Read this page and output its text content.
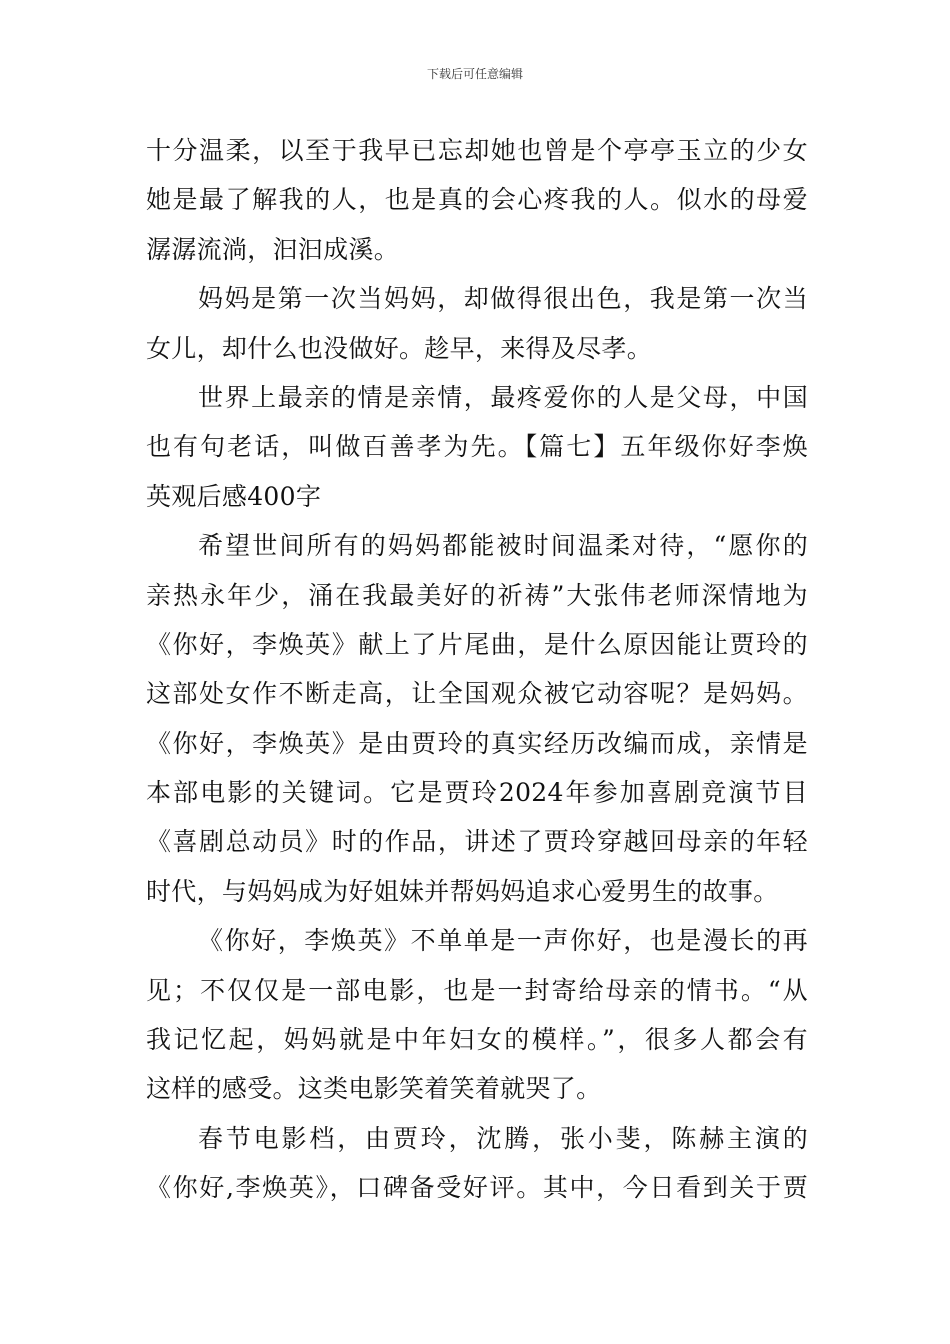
下载后可任意编辑
十分温柔，以至于我早已忘却她也曾是个亭亭玉立的少女
她是最了解我的人，也是真的会心疼我的人。似水的母爱
潺潺流淌，汩汩成溪。
妈妈是第一次当妈妈，却做得很出色，我是第一次当
女儿，却什么也没做好。趁早，来得及尽孝。
世界上最亲的情是亲情，最疼爱你的人是父母，中国
也有句老话，叫做百善孝为先。【篇七】五年级你好李焕
英观后感400字
希望世间所有的妈妈都能被时间温柔对待，“愿你的
亲热永年少，涌在我最美好的祈祷”大张伟老师深情地为
《你好，李焕英》献上了片尾曲，是什么原因能让贾玲的
这部处女作不断走高，让全国观众被它动容呢？是妈妈。
《你好，李焕英》是由贾玲的真实经历改编而成，亲情是
本部电影的关键词。它是贾玲2024年参加喜剧竞演节目
《喜剧总动员》时的作品，讲述了贾玲穿越回母亲的年轻
时代，与妈妈成为好姐妹并帮妈妈追求心爱男生的故事。
《你好，李焕英》不单单是一声你好，也是漫长的再
见；不仅仅是一部电影，也是一封寄给母亲的情书。“从
我记忆起，妈妈就是中年妇女的模样。”，很多人都会有
这样的感受。这类电影笑着笑着就哭了。
春节电影档，由贾玲，沈腾，张小斐，陈赫主演的
《你好,李焕英》，口碑备受好评。其中，今日看到关于贾
